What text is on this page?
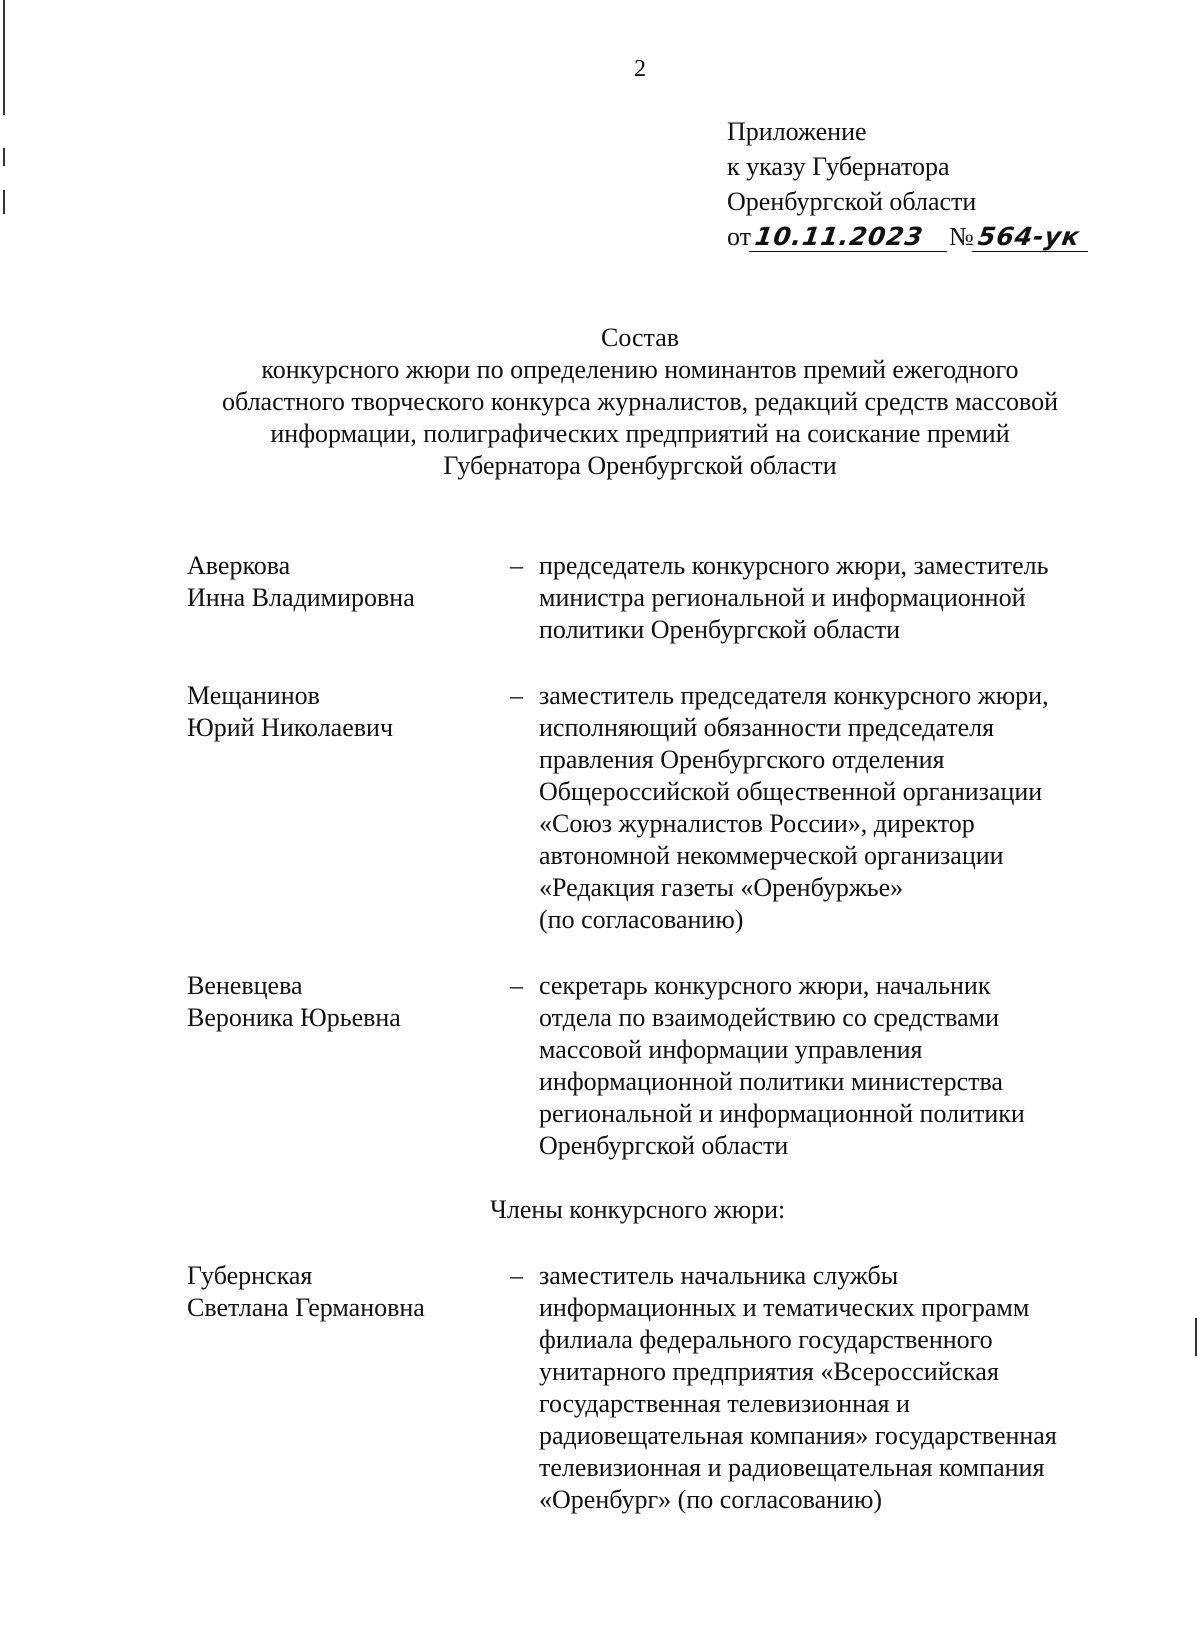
2
Приложение
к указу Губернатора
Оренбургской области
от10.11.2023 №564-ук
Состав
конкурсного жюри по определению номинантов премий ежегодного
областного творческого конкурса журналистов, редакций средств массовой
информации, полиграфических предприятий на соискание премий
Губернатора Оренбургской области
Аверкова
Инна Владимировна
– председатель конкурсного жюри, заместитель
министра региональной и информационной
политики Оренбургской области
Мещанинов
Юрий Николаевич
– заместитель председателя конкурсного жюри,
исполняющий обязанности председателя
правления Оренбургского отделения
Общероссийской общественной организации
«Союз журналистов России», директор
автономной некоммерческой организации
«Редакция газеты «Оренбуржье»
(по согласованию)
Веневцева
Вероника Юрьевна
– секретарь конкурсного жюри, начальник
отдела по взаимодействию со средствами
массовой информации управления
информационной политики министерства
региональной и информационной политики
Оренбургской области
Члены конкурсного жюри:
Губернская
Светлана Германовна
– заместитель начальника службы
информационных и тематических программ
филиала федерального государственного
унитарного предприятия «Всероссийская
государственная телевизионная и
радиовещательная компания» государственная
телевизионная и радиовещательная компания
«Оренбург» (по согласованию)
